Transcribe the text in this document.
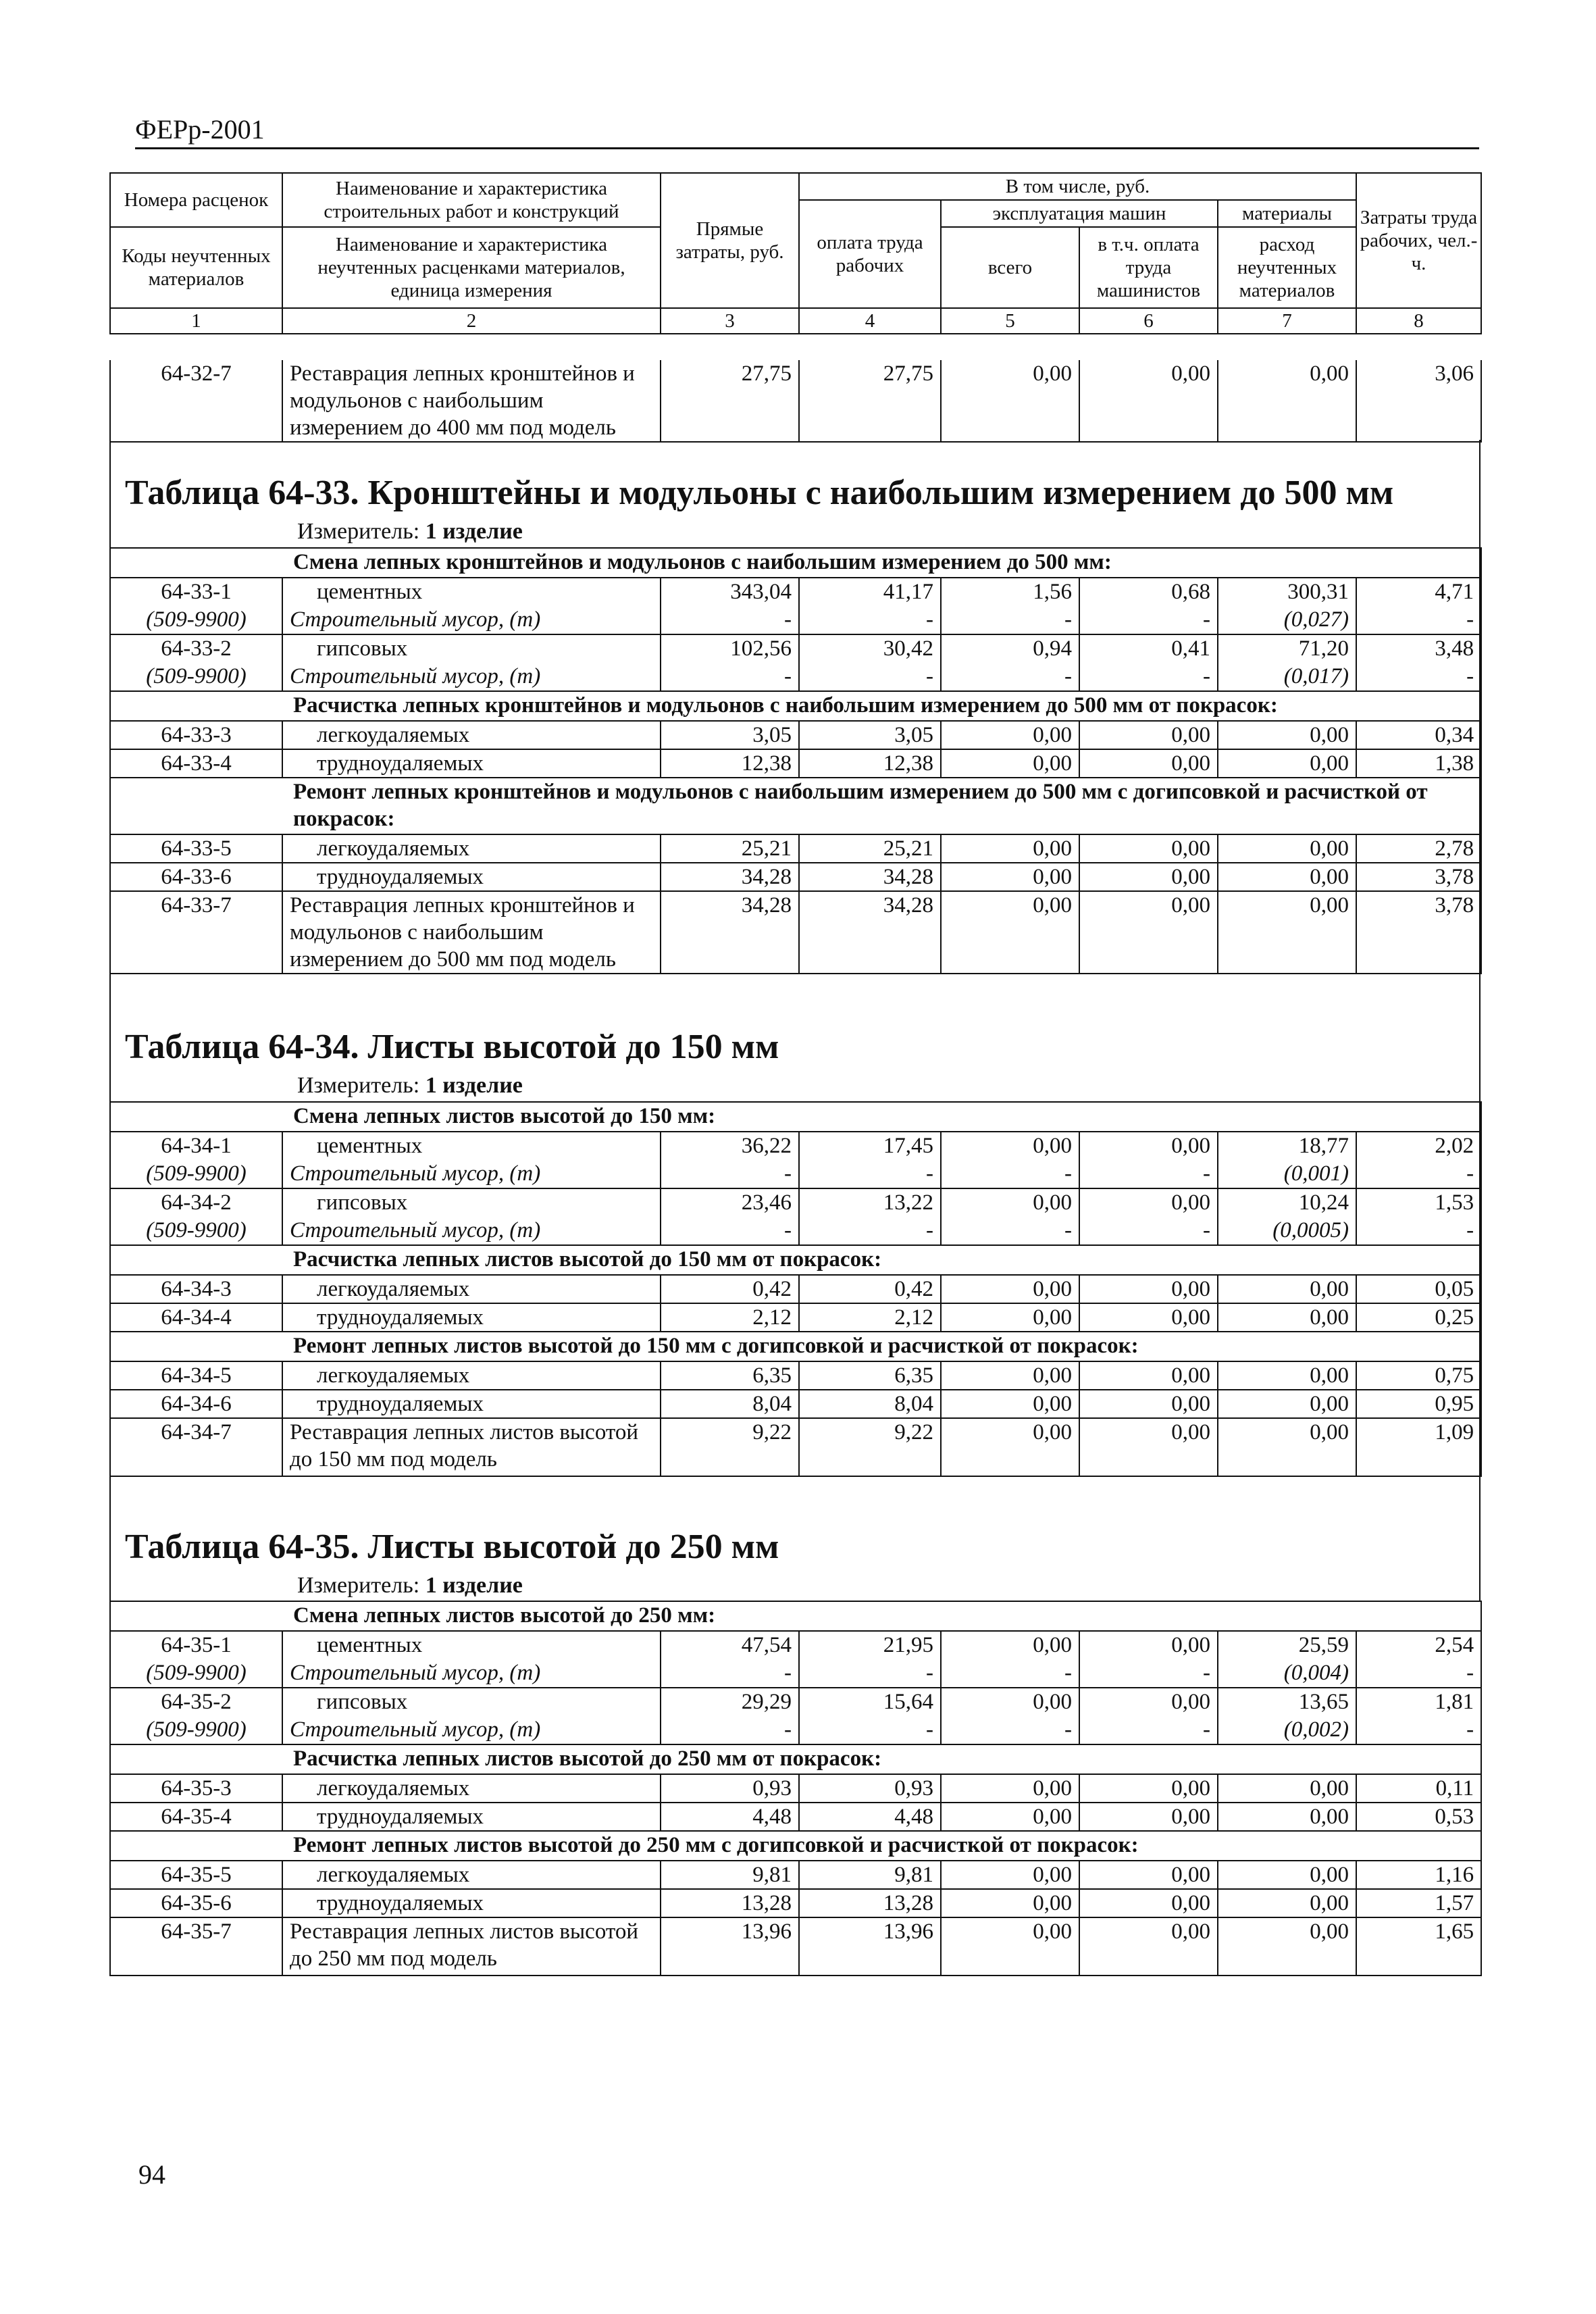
ФЕРр-2001
Номера расценок	Наименование и характеристика строительных работ и конструкций	Прямые затраты, руб.	В том числе, руб.				Затраты труда рабочих, чел.-ч.
			оплата труда рабочих	эксплуатация машин		материалы	
Коды неучтенных материалов	Наименование и характеристика неучтенных расценками материалов, единица измерения			всего	в т.ч. оплата труда машинистов	расход неучтенных материалов	

1	2	3	4	5	6	7	8
64-32-7	Реставрация лепных кронштейнов и модульонов с наибольшим измерением до 400 мм под модель	27,75	27,75	0,00	0,00	0,00	3,06
Таблица 64-33. Кронштейны и модульоны с наибольшим измерением до 500 мм
Измеритель: 1 изделие
Смена лепных кронштейнов и модульонов с наибольшим измерением до 500 мм:							
64-33-1	цементных	343,04	41,17	1,56	0,68	300,31	4,71
(509-9900)	Строительный мусор, (т)	-	-	-	-	(0,027)	-
64-33-2	гипсовых	102,56	30,42	0,94	0,41	71,20	3,48
(509-9900)	Строительный мусор, (т)	-	-	-	-	(0,017)	-
Расчистка лепных кронштейнов и модульонов с наибольшим измерением до 500 мм от покрасок:							
64-33-3	легкоудаляемых	3,05	3,05	0,00	0,00	0,00	0,34
64-33-4	трудноудаляемых	12,38	12,38	0,00	0,00	0,00	1,38
Ремонт лепных кронштейнов и модульонов с наибольшим измерением до 500 мм с догипсовкой и расчисткой от покрасок:							
64-33-5	легкоудаляемых	25,21	25,21	0,00	0,00	0,00	2,78
64-33-6	трудноудаляемых	34,28	34,28	0,00	0,00	0,00	3,78
64-33-7	Реставрация лепных кронштейнов и модульонов с наибольшим измерением до 500 мм под модель	34,28	34,28	0,00	0,00	0,00	3,78
Таблица 64-34. Листы высотой до 150 мм
Измеритель: 1 изделие
Смена лепных листов высотой до 150 мм:							
64-34-1	цементных	36,22	17,45	0,00	0,00	18,77	2,02
(509-9900)	Строительный мусор, (т)	-	-	-	-	(0,001)	-
64-34-2	гипсовых	23,46	13,22	0,00	0,00	10,24	1,53
(509-9900)	Строительный мусор, (т)	-	-	-	-	(0,0005)	-
Расчистка лепных листов высотой до 150 мм от покрасок:							
64-34-3	легкоудаляемых	0,42	0,42	0,00	0,00	0,00	0,05
64-34-4	трудноудаляемых	2,12	2,12	0,00	0,00	0,00	0,25
Ремонт лепных листов высотой до 150 мм с догипсовкой и расчисткой от покрасок:							
64-34-5	легкоудаляемых	6,35	6,35	0,00	0,00	0,00	0,75
64-34-6	трудноудаляемых	8,04	8,04	0,00	0,00	0,00	0,95
64-34-7	Реставрация лепных листов высотой до 150 мм под модель	9,22	9,22	0,00	0,00	0,00	1,09
Таблица 64-35. Листы высотой до 250 мм
Измеритель: 1 изделие
Смена лепных листов высотой до 250 мм:							
64-35-1	цементных	47,54	21,95	0,00	0,00	25,59	2,54
(509-9900)	Строительный мусор, (т)	-	-	-	-	(0,004)	-
64-35-2	гипсовых	29,29	15,64	0,00	0,00	13,65	1,81
(509-9900)	Строительный мусор, (т)	-	-	-	-	(0,002)	-
Расчистка лепных листов высотой до 250 мм от покрасок:							
64-35-3	легкоудаляемых	0,93	0,93	0,00	0,00	0,00	0,11
64-35-4	трудноудаляемых	4,48	4,48	0,00	0,00	0,00	0,53
Ремонт лепных листов высотой до 250 мм с догипсовкой и расчисткой от покрасок:							
64-35-5	легкоудаляемых	9,81	9,81	0,00	0,00	0,00	1,16
64-35-6	трудноудаляемых	13,28	13,28	0,00	0,00	0,00	1,57
64-35-7	Реставрация лепных листов высотой до 250 мм под модель	13,96	13,96	0,00	0,00	0,00	1,65
94
